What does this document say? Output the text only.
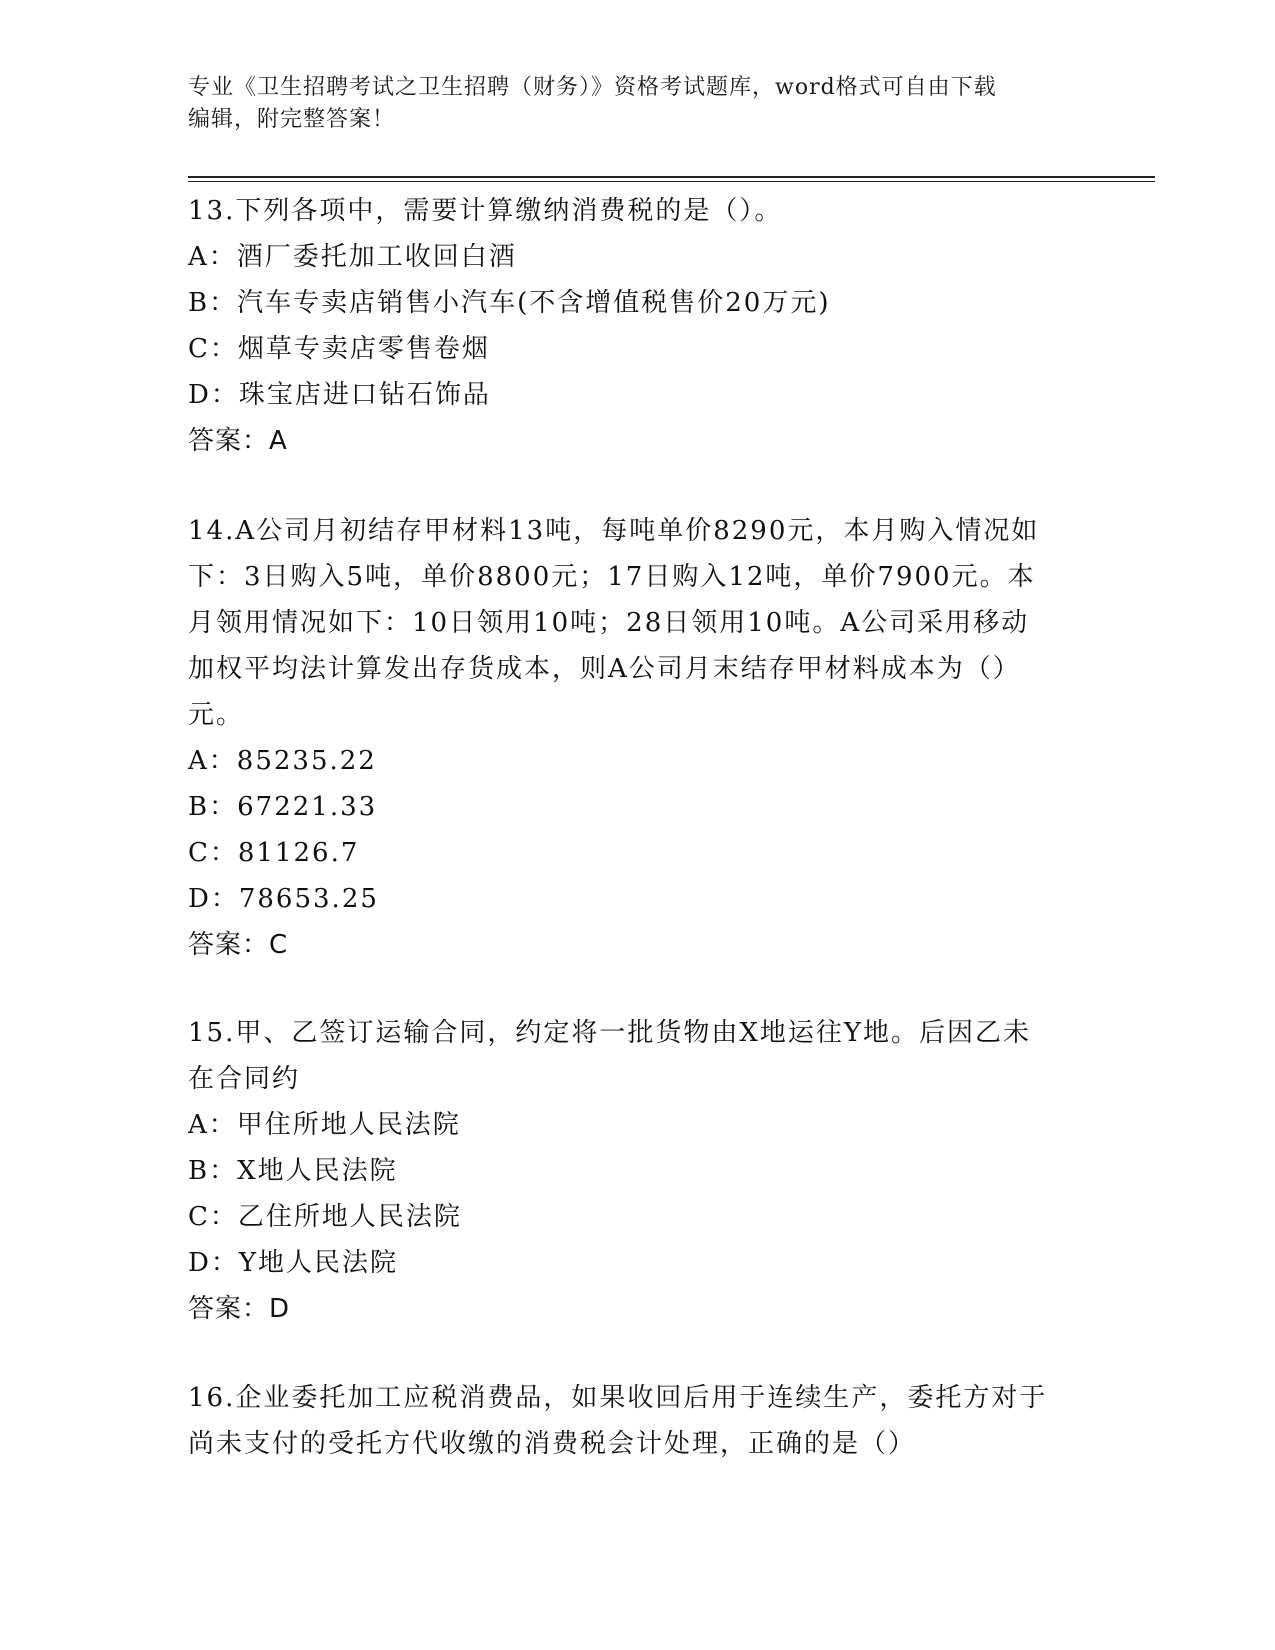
专业《卫生招聘考试之卫生招聘（财务）》资格考试题库，word格式可自由下载

编辑，附完整答案！

13.下列各项中，需要计算缴纳消费税的是（）。

A：酒厂委托加工收回白酒

B：汽车专卖店销售小汽车(不含增值税售价20万元)

C：烟草专卖店零售卷烟

D：珠宝店进口钻石饰品

答案：A

14.A公司月初结存甲材料13吨，每吨单价8290元，本月购入情况如

下：3日购入5吨，单价8800元；17日购入12吨，单价7900元。本

月领用情况如下：10日领用10吨；28日领用10吨。A公司采用移动

加权平均法计算发出存货成本，则A公司月末结存甲材料成本为（）

元。

A：85235.22

B：67221.33

C：81126.7

D：78653.25

答案：C

15.甲、乙签订运输合同，约定将一批货物由X地运往Y地。后因乙未

在合同约

A：甲住所地人民法院

B：X地人民法院

C：乙住所地人民法院

D：Y地人民法院

答案：D

16.企业委托加工应税消费品，如果收回后用于连续生产，委托方对于

尚未支付的受托方代收缴的消费税会计处理，正确的是（）
